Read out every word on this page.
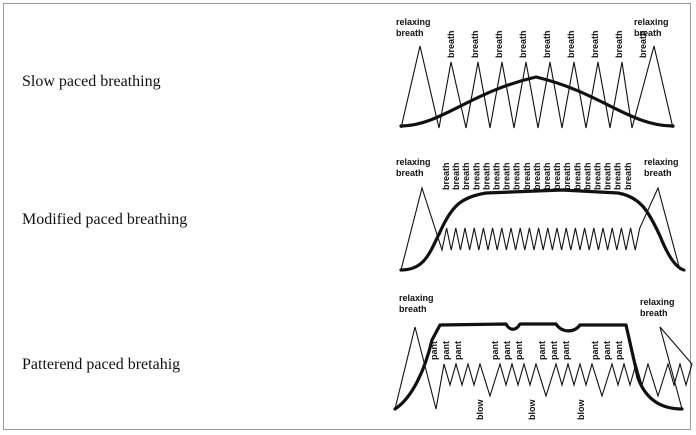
Slow paced breathing
Modified paced breathing
Patterend paced bretahig
relaxing
breath
relaxing
breath
breath breath breath breath breath breath breath breath breath
relaxing
breath
relaxing
breath
breath breath breath breath breath breath breath breath breath breath breath breath breath breath breath breath breath breath breath
relaxing
breath
relaxing
breath
pant pant pant	pant pant pant pant pant pant pant pant pant
blow	blow	blow
